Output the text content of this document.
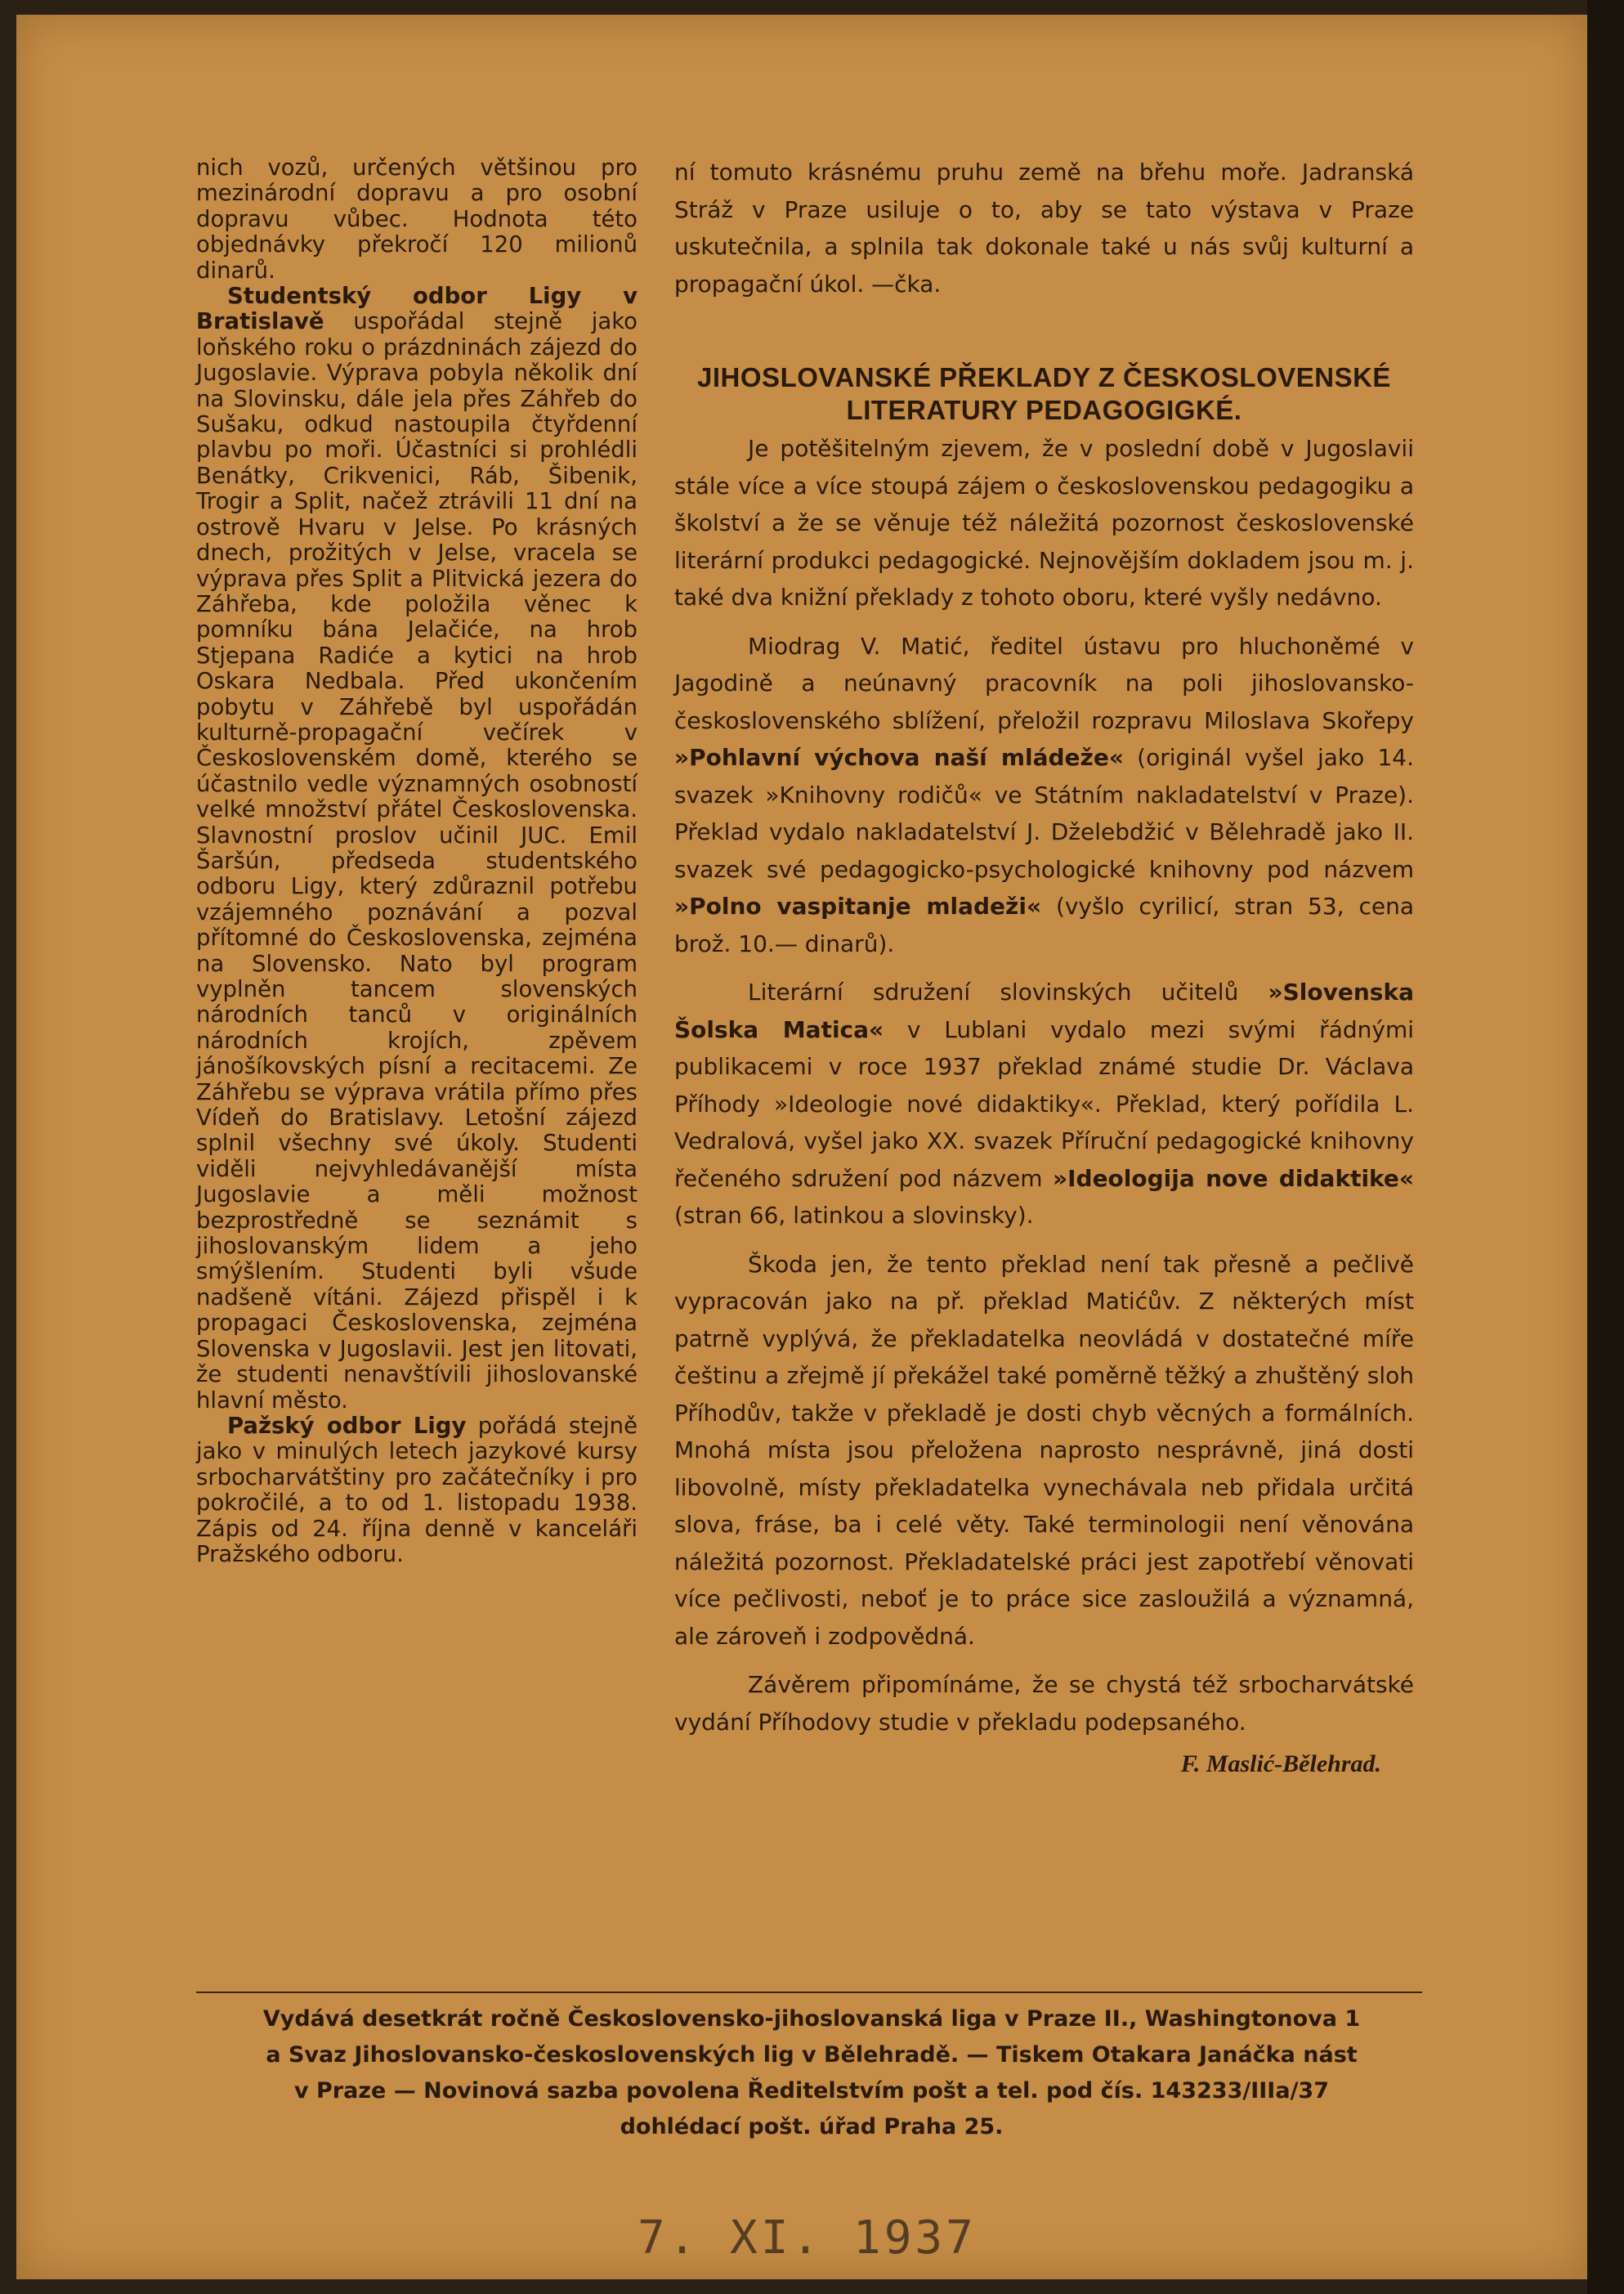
nich vozů, určených většinou pro mezinárodní dopravu a pro osobní dopravu vůbec. Hodnota této objednávky překročí 120 milionů dinarů.

Studentský odbor Ligy v Bratislavě uspořádal stejně jako loňského roku o prázdninách zájezd do Jugoslavie. Výprava pobyla několik dní na Slovinsku, dále jela přes Záhřeb do Sušaku, odkud nastoupila čtyřdenní plavbu po moři. Účastníci si prohlédli Benátky, Crikvenici, Ráb, Šibenik, Trogir a Split, načež ztrávili 11 dní na ostrově Hvaru v Jelse. Po krásných dnech, prožitých v Jelse, vracela se výprava přes Split a Plitvická jezera do Záhřeba, kde položila věnec k pomníku bána Jelačiće, na hrob Stjepana Radiće a kytici na hrob Oskara Nedbala. Před ukončením pobytu v Záhřebě byl uspořádán kulturně-propagační večírek v Československém domě, kterého se účastnilo vedle významných osobností velké množství přátel Československa. Slavnostní proslov učinil JUC. Emil Šaršún, předseda studentského odboru Ligy, který zdůraznil potřebu vzájemného poznávání a pozval přítomné do Československa, zejména na Slovensko. Nato byl program vyplněn tancem slovenských národních tanců v originálních národních krojích, zpěvem jánošíkovských písní a recitacemi. Ze Záhřebu se výprava vrátila přímo přes Vídeň do Bratislavy. Letošní zájezd splnil všechny své úkoly. Studenti viděli nejvyhledávanější místa Jugoslavie a měli možnost bezprostředně se seznámit s jihoslovanským lidem a jeho smýšlením. Studenti byli všude nadšeně vítáni. Zájezd přispěl i k propagaci Československa, zejména Slovenska v Jugoslavii. Jest jen litovati, že studenti nenavštívili jihoslovanské hlavní město.

Pažský odbor Ligy pořádá stejně jako v minulých letech jazykové kursy srbocharvátštiny pro začátečníky i pro pokročilé, a to od 1. listopadu 1938. Zápis od 24. října denně v kanceláři Pražského odboru.

ní tomuto krásnému pruhu země na břehu moře. Jadranská Stráž v Praze usiluje o to, aby se tato výstava v Praze uskutečnila, a splnila tak dokonale také u nás svůj kulturní a propagační úkol. —čka.

JIHOSLOVANSKÉ PŘEKLADY Z ČESKOSLOVENSKÉ LITERATURY PEDAGOGIGKÉ.

Je potěšitelným zjevem, že v poslední době v Jugoslavii stále více a více stoupá zájem o československou pedagogiku a školství a že se věnuje též náležitá pozornost československé literární produkci pedagogické. Nejnovějším dokladem jsou m. j. také dva knižní překlady z tohoto oboru, které vyšly nedávno.

Miodrag V. Matić, ředitel ústavu pro hluchoněmé v Jagodině a neúnavný pracovník na poli jihoslovansko-československého sblížení, přeložil rozpravu Miloslava Skořepy »Pohlavní výchova naší mládeže« (originál vyšel jako 14. svazek »Knihovny rodičů« ve Státním nakladatelství v Praze). Překlad vydalo nakladatelství J. Dželebdžić v Bělehradě jako II. svazek své pedagogicko-psychologické knihovny pod názvem »Polno vaspitanje mladeži« (vyšlo cyrilicí, stran 53, cena brož. 10.— dinarů).

Literární sdružení slovinských učitelů »Slovenska Šolska Matica« v Lublani vydalo mezi svými řádnými publikacemi v roce 1937 překlad známé studie Dr. Václava Příhody »Ideologie nové didaktiky«. Překlad, který pořídila L. Vedralová, vyšel jako XX. svazek Příruční pedagogické knihovny řečeného sdružení pod názvem »Ideologija nove didaktike« (stran 66, latinkou a slovinsky).

Škoda jen, že tento překlad není tak přesně a pečlivě vypracován jako na př. překlad Matićův. Z některých míst patrně vyplývá, že překladatelka neovládá v dostatečné míře češtinu a zřejmě jí překážel také poměrně těžký a zhuštěný sloh Příhodův, takže v překladě je dosti chyb věcných a formálních. Mnohá místa jsou přeložena naprosto nesprávně, jiná dosti libovolně, místy překladatelka vynechávala neb přidala určitá slova, fráse, ba i celé věty. Také terminologii není věnována náležitá pozornost. Překladatelské práci jest zapotřebí věnovati více pečlivosti, neboť je to práce sice zasloužilá a významná, ale zároveň i zodpovědná.

Závěrem připomínáme, že se chystá též srbocharvátské vydání Příhodovy studie v překladu podepsaného.

F. Maslić-Bělehrad.

Vydává desetkrát ročně Československo-jihoslovanská liga v Praze II., Washingtonova 1
a Svaz Jihoslovansko-československých lig v Bělehradě. — Tiskem Otakara Janáčka nást
v Praze — Novinová sazba povolena Ředitelstvím pošt a tel. pod čís. 143233/IIIa/37
dohlédací pošt. úřad Praha 25.
7. XI. 1937
